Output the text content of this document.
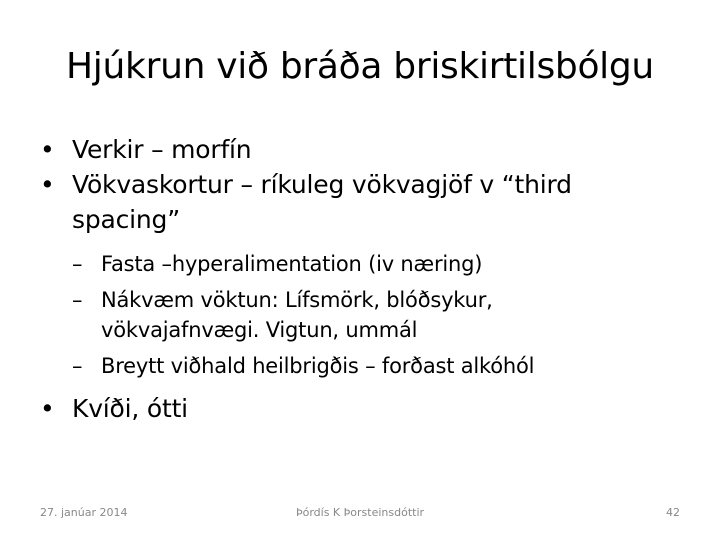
Hjúkrun við bráða briskirtilsbólgu
• Verkir – morfín
• Vökvaskortur – ríkuleg vökvagjöf v “third spacing”
– Fasta –hyperalimentation (iv næring)
– Nákvæm vöktun: Lífsmörk, blóðsykur, vökvajafnvægi. Vigtun, ummál
– Breytt viðhald heilbrigðis – forðast alkóhól
• Kvíði, ótti
27. janúar 2014	Þórdís K Þorsteinsdóttir	42
